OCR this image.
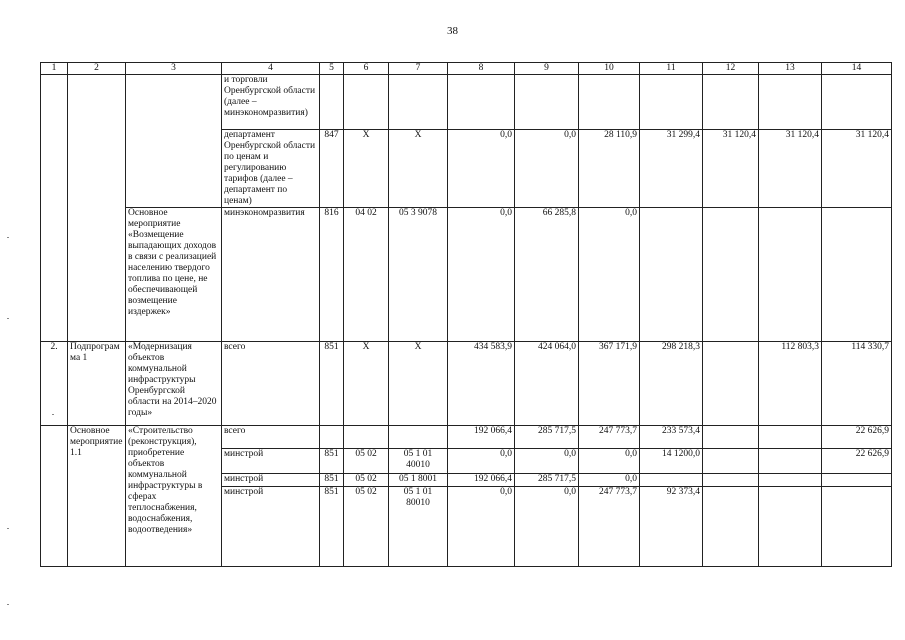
38
1	2	3	4	5	6	7	8	9	10	11	12	13	14
			и торговли Оренбургской области (далее – минэкономразвития)										
			департамент Оренбургской области по ценам и регулированию тарифов (далее – департамент по ценам)	847	Х	Х	0,0	0,0	28 110,9	31 299,4	31 120,4	31 120,4	31 120,4
		Основное мероприятие «Возмещение выпадающих доходов в связи с реализацией населению твердого топлива по цене, не обеспечивающей возмещение издержек»	минэкономразвития	816	04 02	05 3 9078	0,0	66 285,8	0,0				
2.	Подпрограмма 1	«Модернизация объектов коммунальной инфраструктуры Оренбургской области на 2014–2020 годы»	всего	851	Х	Х	434 583,9	424 064,0	367 171,9	298 218,3		112 803,3	114 330,7
	Основное мероприятие 1.1	«Строительство (реконструкция), приобретение объектов коммунальной инфраструктуры в сферах теплоснабжения, водоснабжения, водоотведения»	всего				192 066,4	285 717,5	247 773,7	233 573,4			22 626,9
			минстрой	851	05 02	05 1 01 40010	0,0	0,0	0,0	14 1200,0			22 626,9
			минстрой	851	05 02	05 1 8001	192 066,4	285 717,5	0,0				
			минстрой	851	05 02	05 1 01 80010	0,0	0,0	247 773,7	92 373,4			
